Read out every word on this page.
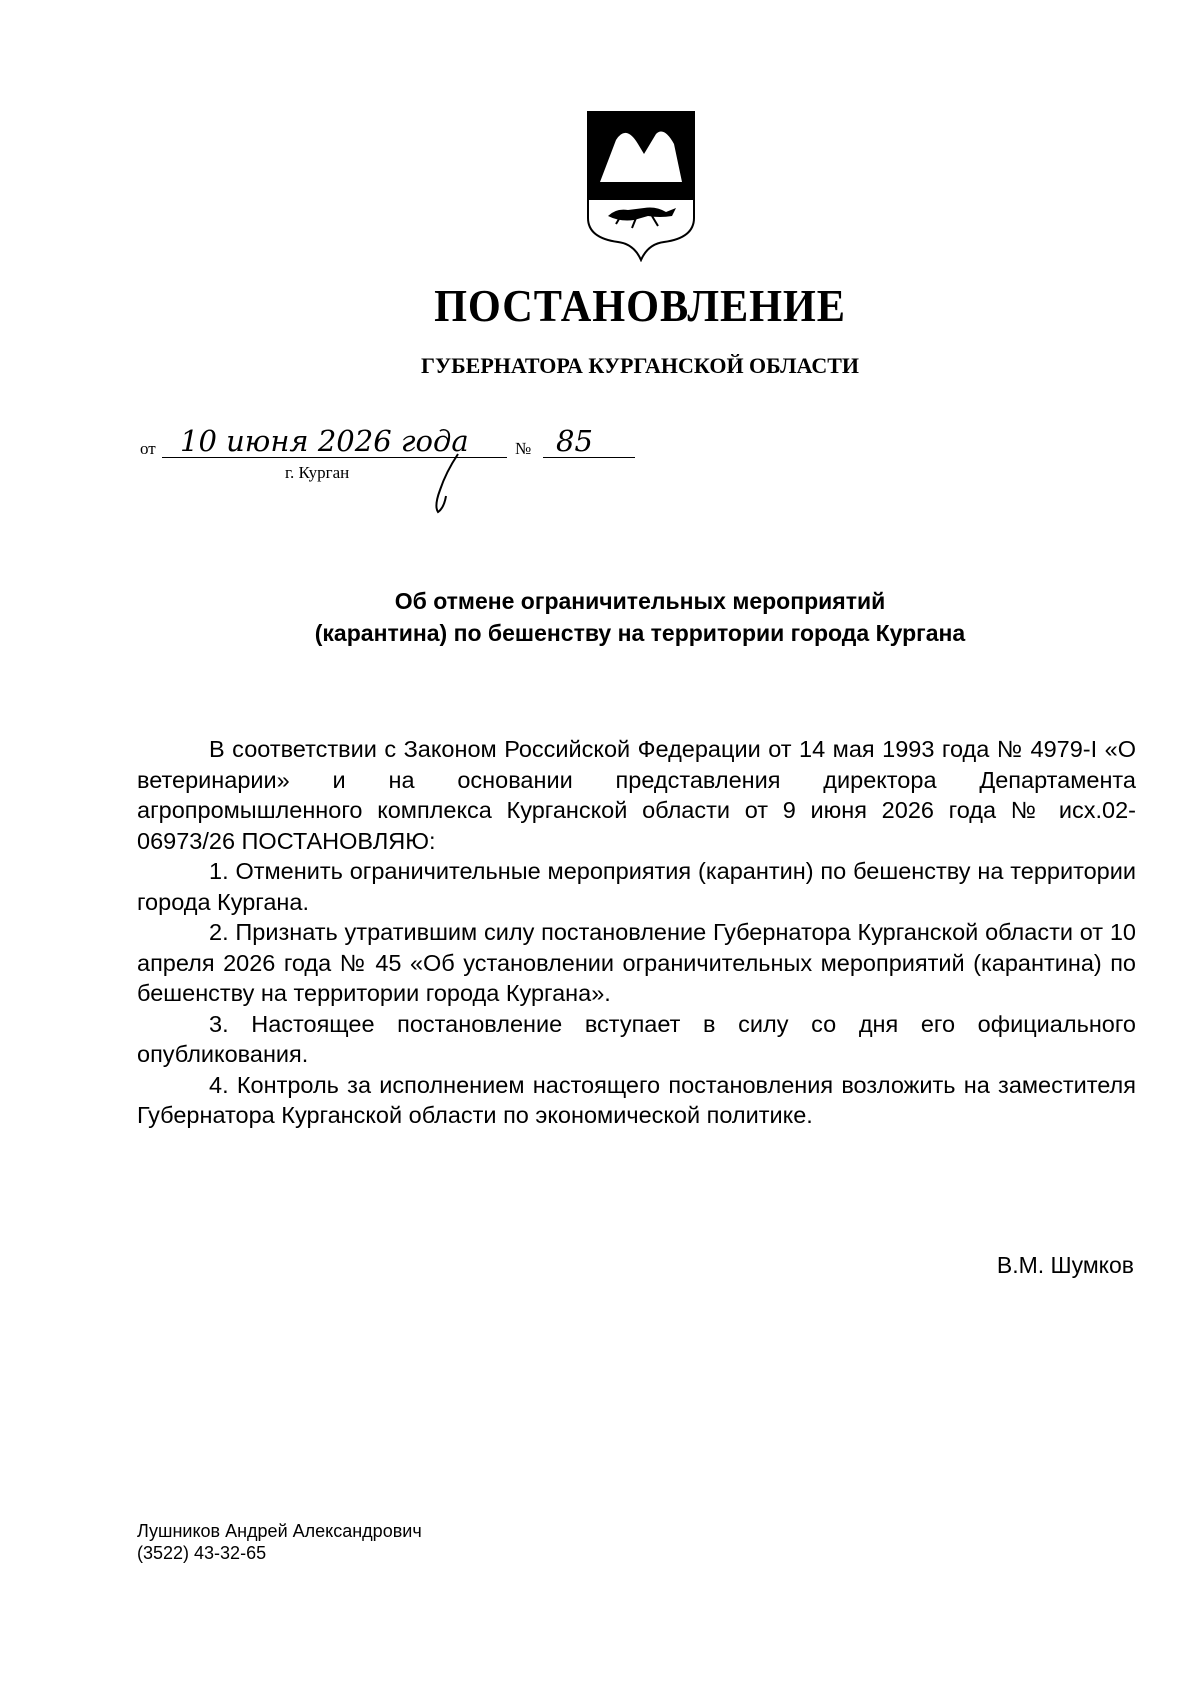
ПОСТАНОВЛЕНИЕ
ГУБЕРНАТОРА КУРГАНСКОЙ ОБЛАСТИ
от 10 июня 2026 года	№ 85
г. Курган
Об отмене ограничительных мероприятий
(карантина) по бешенству на территории города Кургана

В соответствии с Законом Российской Федерации от 14 мая 1993 года № 4979-I «О ветеринарии» и на основании представления директора Департамента агропромышленного комплекса Курганской области от 9 июня 2026 года № исх.02-06973/26 ПОСТАНОВЛЯЮ:

1. Отменить ограничительные мероприятия (карантин) по бешенству на территории города Кургана.

2. Признать утратившим силу постановление Губернатора Курганской области от 10 апреля 2026 года № 45 «Об установлении ограничительных мероприятий (карантина) по бешенству на территории города Кургана».

3. Настоящее постановление вступает в силу со дня его официального опубликования.

4. Контроль за исполнением настоящего постановления возложить на заместителя Губернатора Курганской области по экономической политике.

В.М. Шумков
Лушников Андрей Александрович
(3522) 43-32-65
